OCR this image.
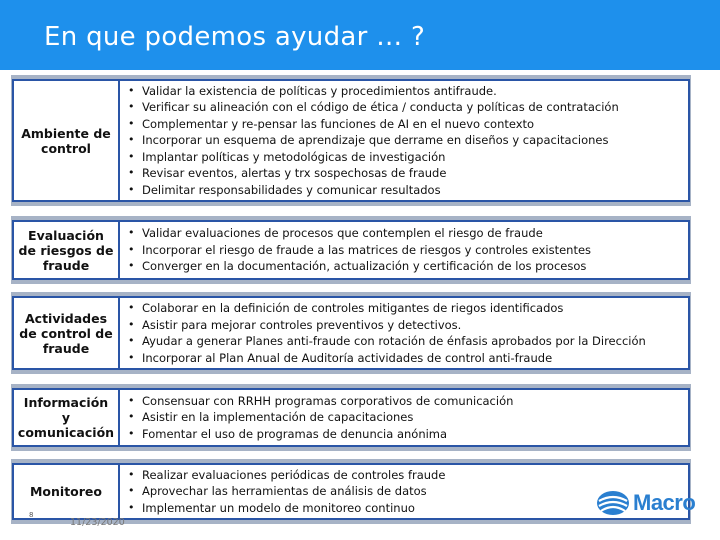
En que podemos ayudar … ?
Ambiente de
control
• Validar la existencia de políticas y procedimientos antifraude.
• Verificar su alineación con el código de ética / conducta y políticas de contratación
• Complementar y re-pensar las funciones de AI en el nuevo contexto
• Incorporar un esquema de aprendizaje que derrame en diseños y capacitaciones
• Implantar políticas y metodológicas de investigación
• Revisar eventos, alertas y trx sospechosas de fraude
• Delimitar responsabilidades y comunicar resultados
Evaluación
de riesgos de
fraude
• Validar evaluaciones de procesos que contemplen el riesgo de fraude
• Incorporar el riesgo de fraude a las matrices de riesgos y controles existentes
• Converger en la documentación, actualización y certificación de los procesos
Actividades
de control de
fraude
• Colaborar en la definición de controles mitigantes de riegos identificados
• Asistir para mejorar controles preventivos y detectivos.
• Ayudar a generar Planes anti-fraude con rotación de énfasis aprobados por la Dirección
• Incorporar al Plan Anual de Auditoría actividades de control anti-fraude
Información
y
comunicación
• Consensuar con RRHH programas corporativos de comunicación
• Asistir en la implementación de capacitaciones
• Fomentar el uso de programas de denuncia anónima
Monitoreo
• Realizar evaluaciones periódicas de controles fraude
• Aprovechar las herramientas de análisis de datos
• Implementar un modelo de monitoreo continuo
8
11/23/2020
Macro
